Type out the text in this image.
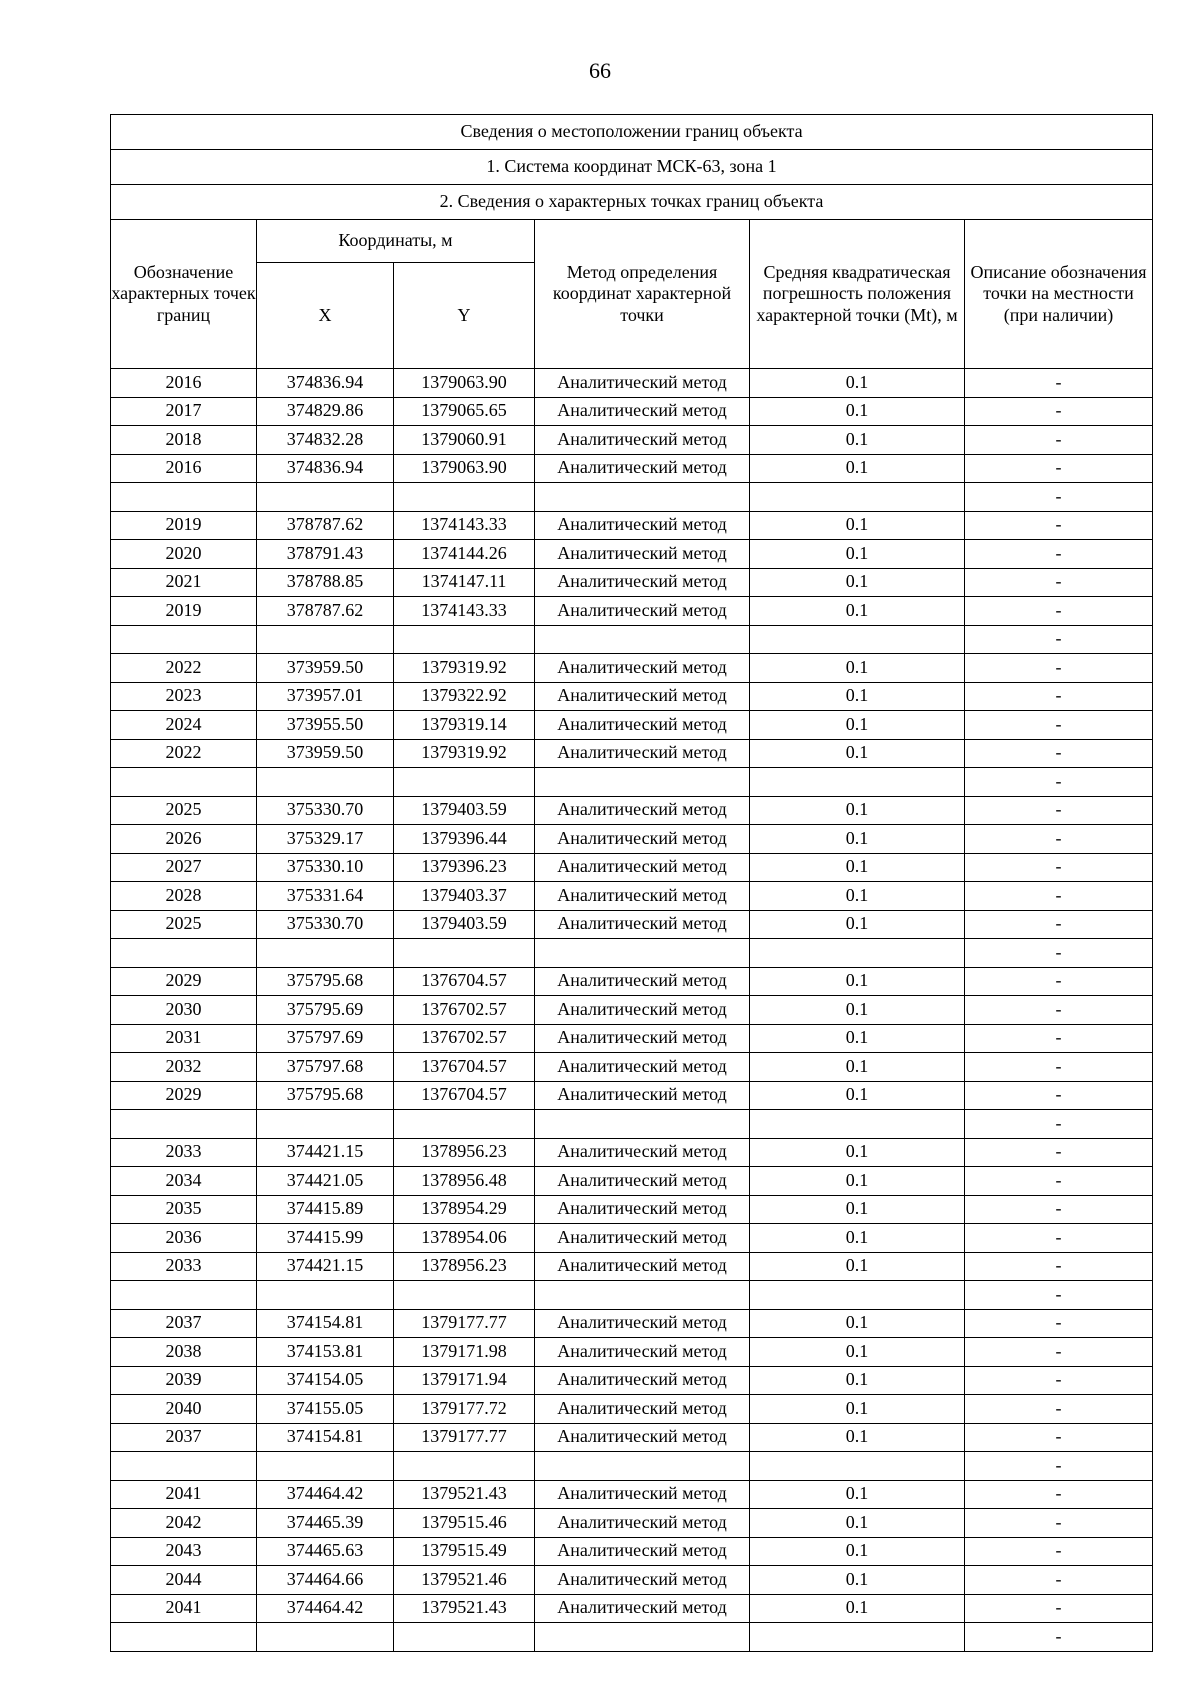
66
Сведения о местоположении границ объекта					
1. Система координат МСК-63, зона 1					
2. Сведения о характерных точках границ объекта					
Обозначение характерных точек границ	Координаты, м		Метод определения координат характерной точки	Средняя квадратическая погрешность положения характерной точки (Mt), м	Описание обозначения точки на местности (при наличии)
	X	Y			
2016	374836.94	1379063.90	Аналитический метод	0.1	-
2017	374829.86	1379065.65	Аналитический метод	0.1	-
2018	374832.28	1379060.91	Аналитический метод	0.1	-
2016	374836.94	1379063.90	Аналитический метод	0.1	-
					-
2019	378787.62	1374143.33	Аналитический метод	0.1	-
2020	378791.43	1374144.26	Аналитический метод	0.1	-
2021	378788.85	1374147.11	Аналитический метод	0.1	-
2019	378787.62	1374143.33	Аналитический метод	0.1	-
					-
2022	373959.50	1379319.92	Аналитический метод	0.1	-
2023	373957.01	1379322.92	Аналитический метод	0.1	-
2024	373955.50	1379319.14	Аналитический метод	0.1	-
2022	373959.50	1379319.92	Аналитический метод	0.1	-
					-
2025	375330.70	1379403.59	Аналитический метод	0.1	-
2026	375329.17	1379396.44	Аналитический метод	0.1	-
2027	375330.10	1379396.23	Аналитический метод	0.1	-
2028	375331.64	1379403.37	Аналитический метод	0.1	-
2025	375330.70	1379403.59	Аналитический метод	0.1	-
					-
2029	375795.68	1376704.57	Аналитический метод	0.1	-
2030	375795.69	1376702.57	Аналитический метод	0.1	-
2031	375797.69	1376702.57	Аналитический метод	0.1	-
2032	375797.68	1376704.57	Аналитический метод	0.1	-
2029	375795.68	1376704.57	Аналитический метод	0.1	-
					-
2033	374421.15	1378956.23	Аналитический метод	0.1	-
2034	374421.05	1378956.48	Аналитический метод	0.1	-
2035	374415.89	1378954.29	Аналитический метод	0.1	-
2036	374415.99	1378954.06	Аналитический метод	0.1	-
2033	374421.15	1378956.23	Аналитический метод	0.1	-
					-
2037	374154.81	1379177.77	Аналитический метод	0.1	-
2038	374153.81	1379171.98	Аналитический метод	0.1	-
2039	374154.05	1379171.94	Аналитический метод	0.1	-
2040	374155.05	1379177.72	Аналитический метод	0.1	-
2037	374154.81	1379177.77	Аналитический метод	0.1	-
					-
2041	374464.42	1379521.43	Аналитический метод	0.1	-
2042	374465.39	1379515.46	Аналитический метод	0.1	-
2043	374465.63	1379515.49	Аналитический метод	0.1	-
2044	374464.66	1379521.46	Аналитический метод	0.1	-
2041	374464.42	1379521.43	Аналитический метод	0.1	-
					-
